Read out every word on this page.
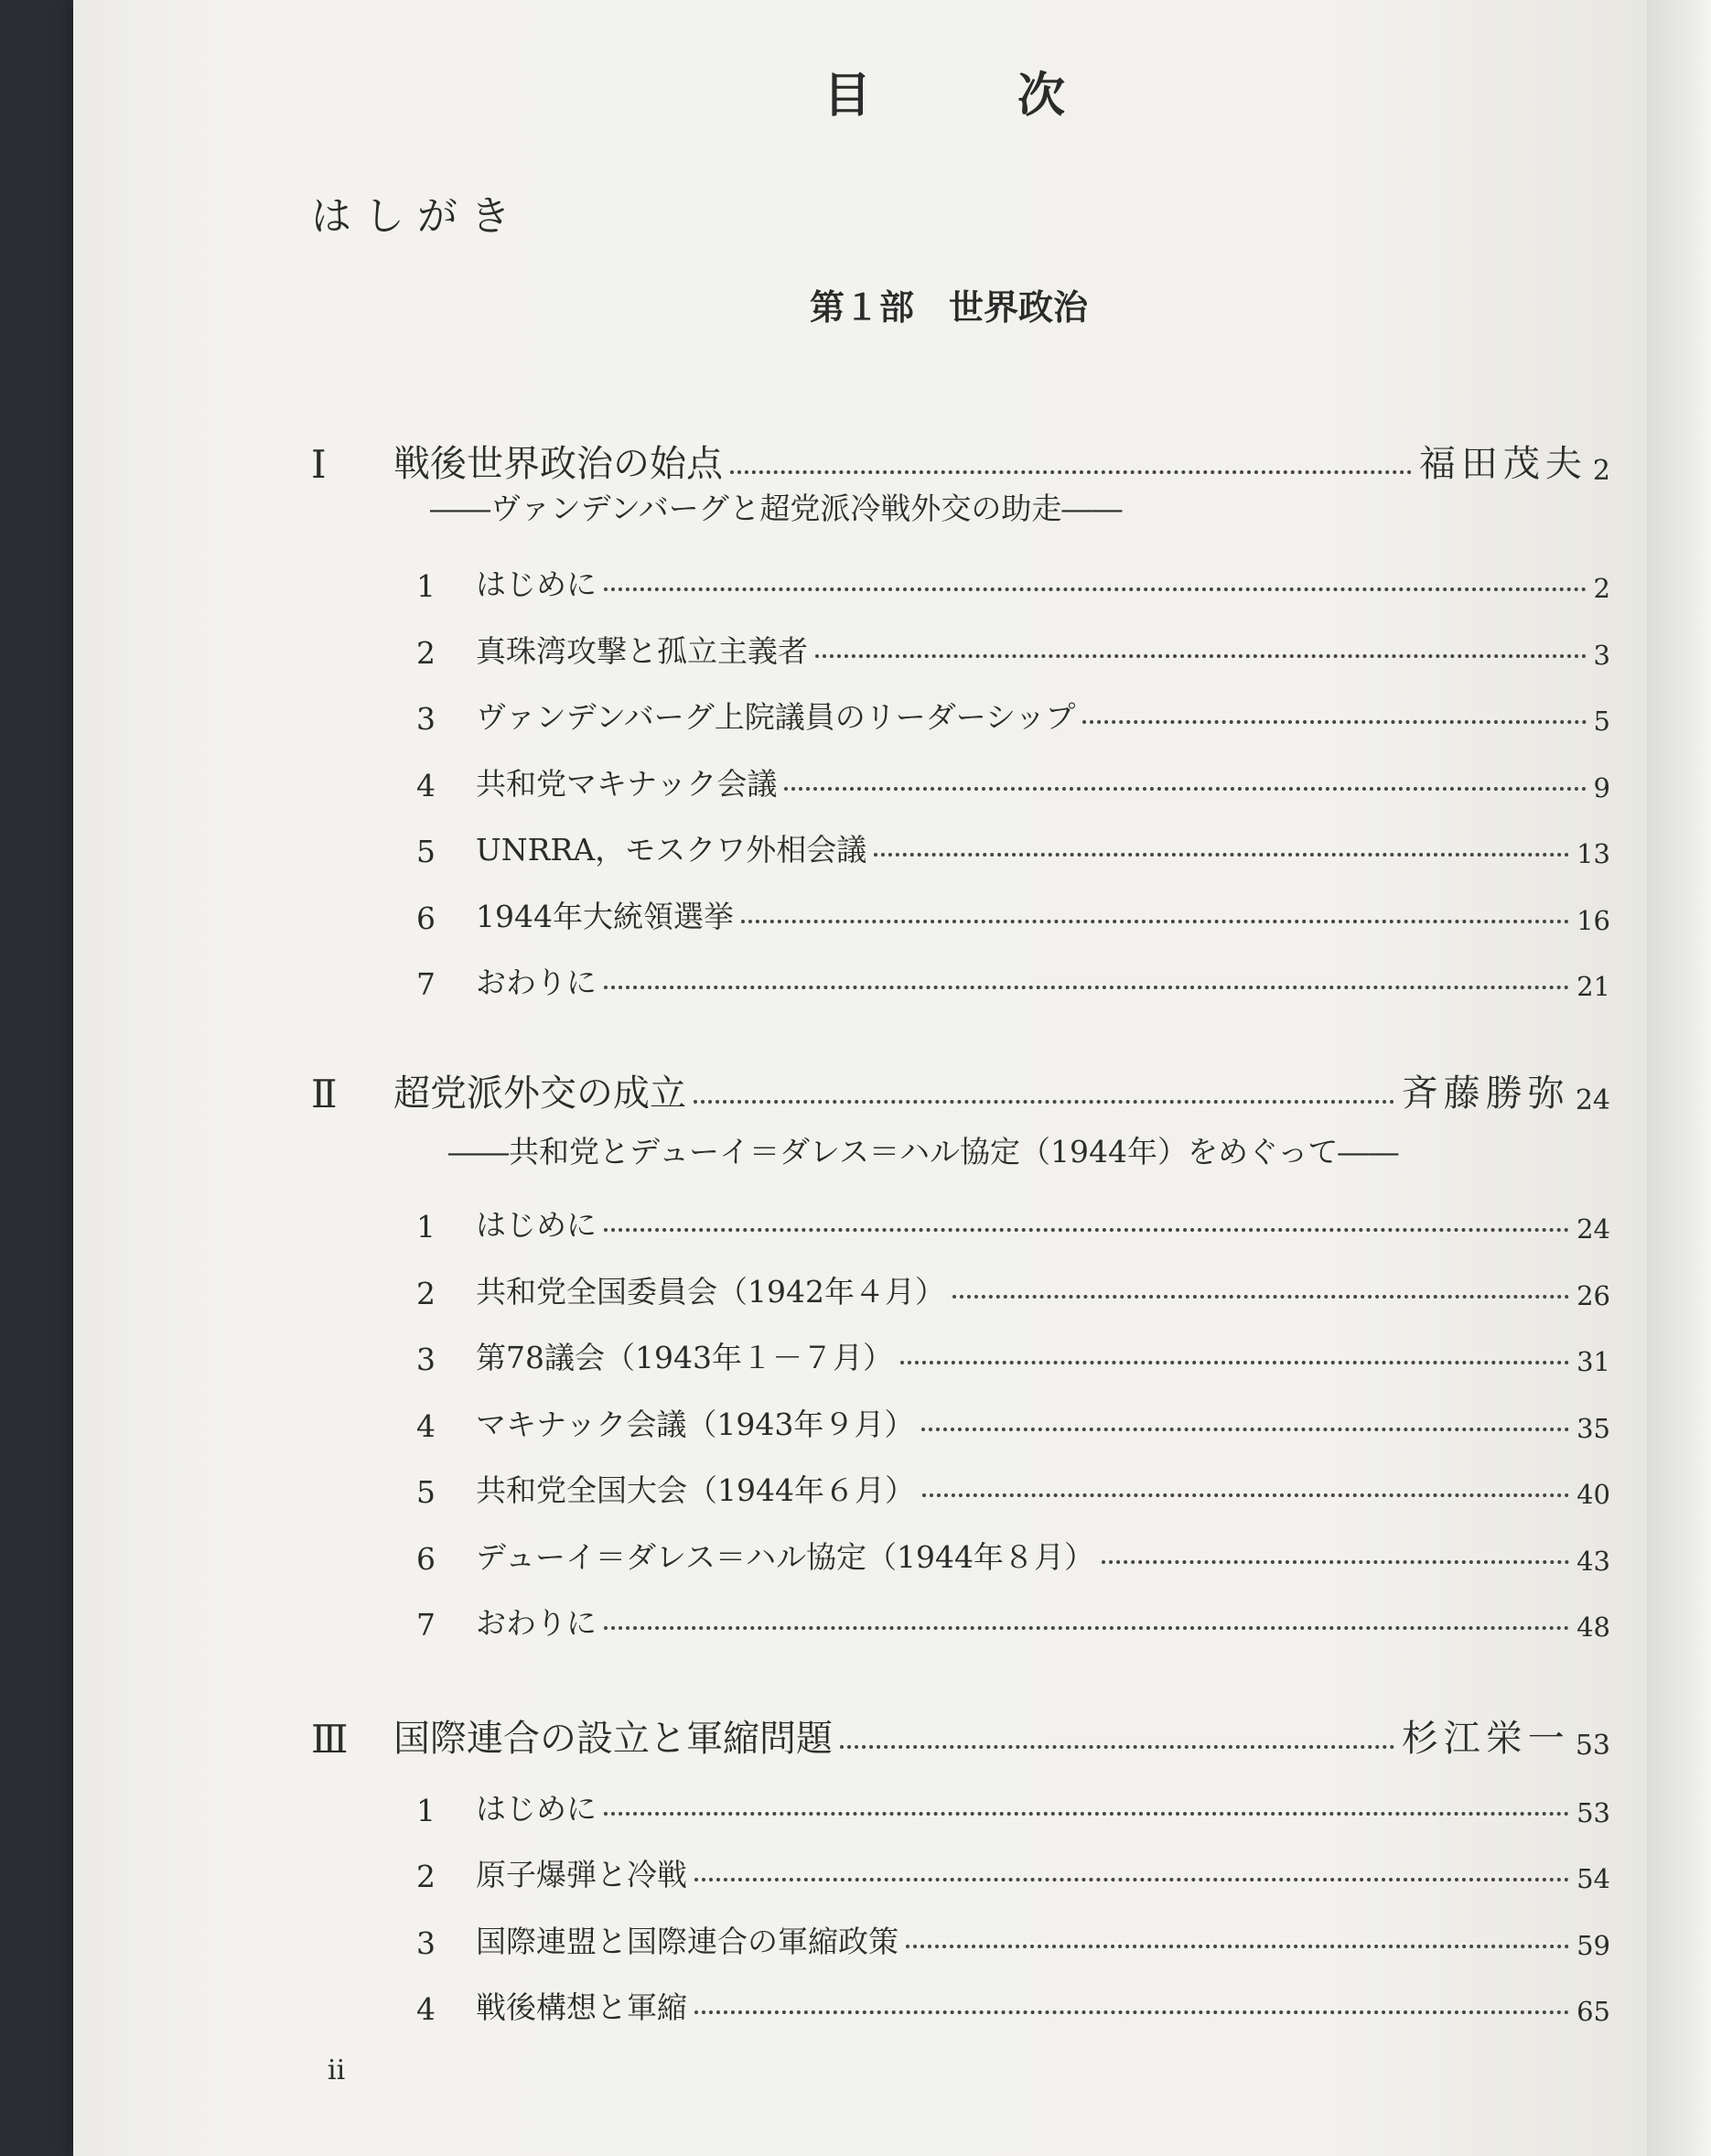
目次

はしがき

第１部　世界政治
Ⅰ	戦後世界政治の始点	福田茂夫 2
――ヴァンデンバーグと超党派冷戦外交の助走――
1	はじめに	2
2	真珠湾攻撃と孤立主義者	3
3	ヴァンデンバーグ上院議員のリーダーシップ	5
4	共和党マキナック会議	9
5	UNRRA，モスクワ外相会議	13
6	1944年大統領選挙	16
7	おわりに	21
Ⅱ	超党派外交の成立	斉藤勝弥 24
――共和党とデューイ＝ダレス＝ハル協定（1944年）をめぐって――
1	はじめに	24
2	共和党全国委員会（1942年４月）	26
3	第78議会（1943年１－７月）	31
4	マキナック会議（1943年９月）	35
5	共和党全国大会（1944年６月）	40
6	デューイ＝ダレス＝ハル協定（1944年８月）	43
7	おわりに	48
Ⅲ	国際連合の設立と軍縮問題	杉江栄一 53
1	はじめに	53
2	原子爆弾と冷戦	54
3	国際連盟と国際連合の軍縮政策	59
4	戦後構想と軍縮	65

ii
